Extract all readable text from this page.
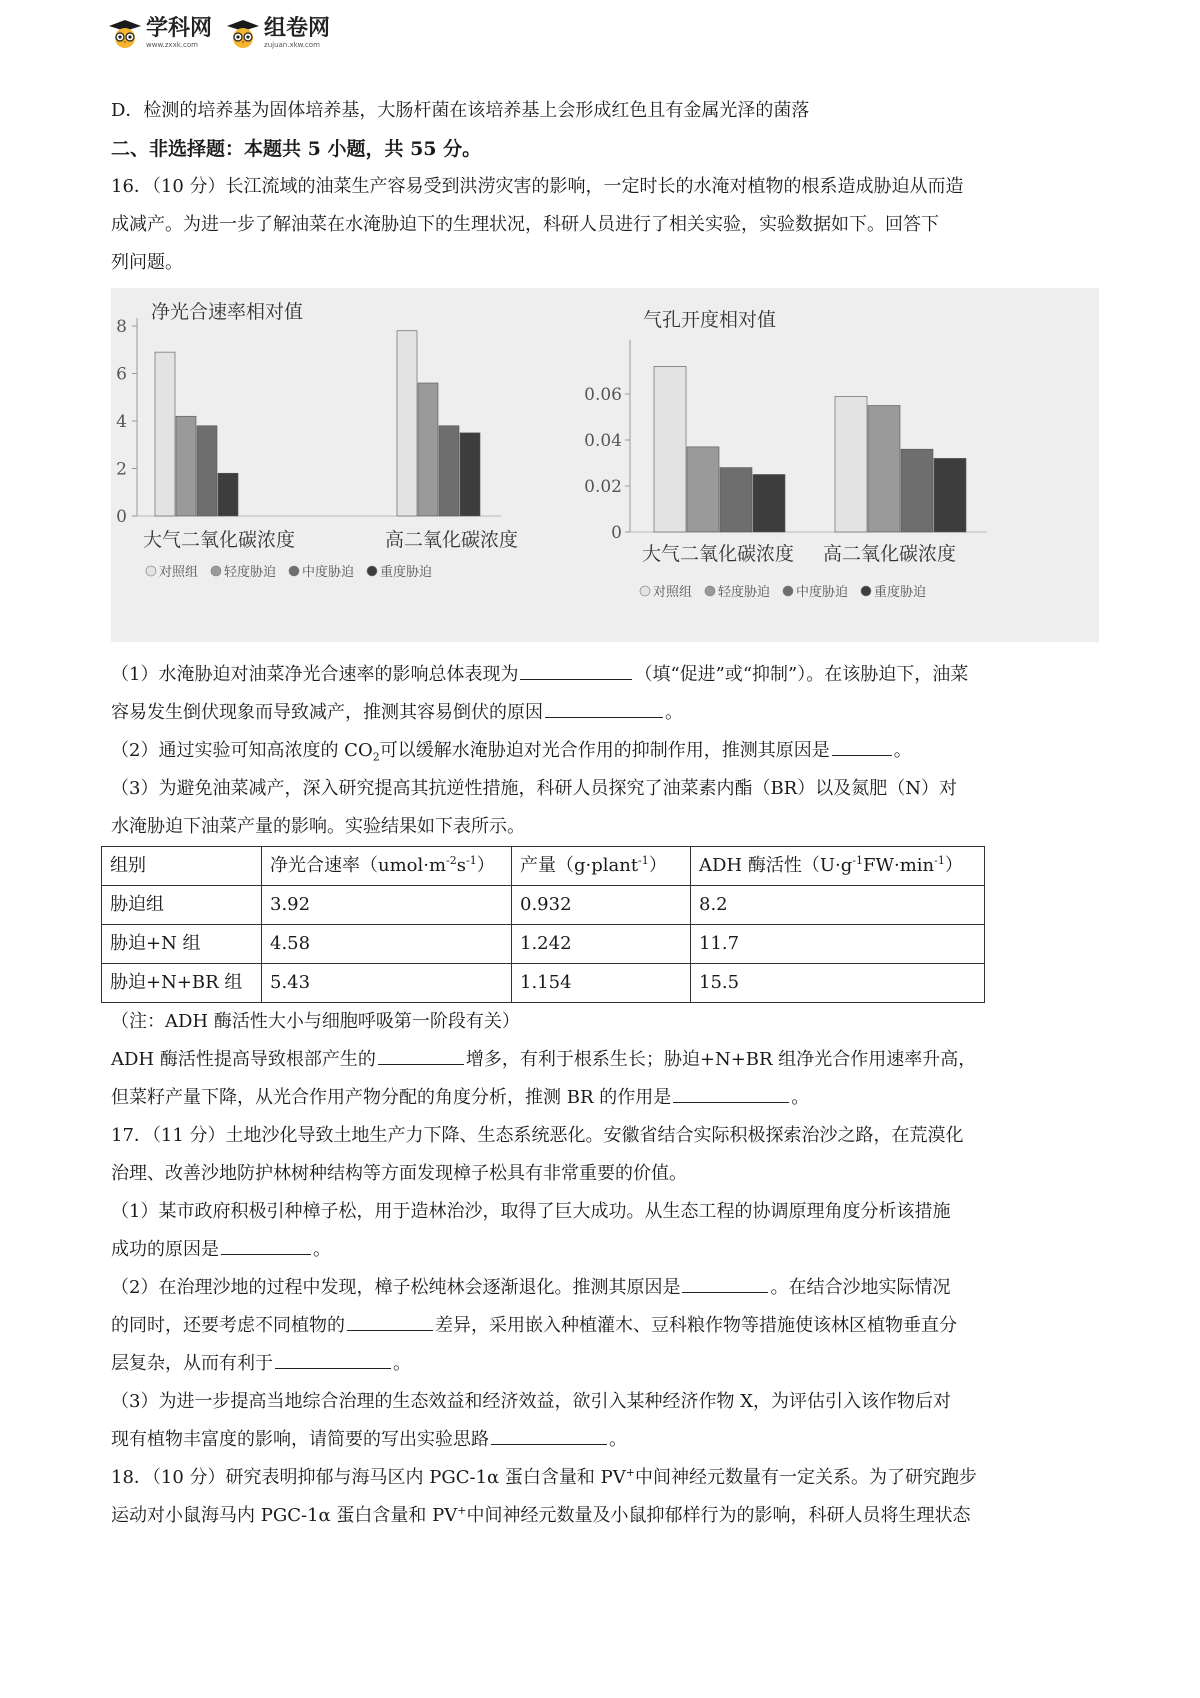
学科网
www.zxxk.com
组卷网
zujuan.xkw.com

D．检测的培养基为固体培养基，大肠杆菌在该培养基上会形成红色且有金属光泽的菌落

二、非选择题：本题共 5 小题，共 55 分。

16．（10 分）长江流域的油菜生产容易受到洪涝灾害的影响，一定时长的水淹对植物的根系造成胁迫从而造

成减产。为进一步了解油菜在水淹胁迫下的生理状况，科研人员进行了相关实验，实验数据如下。回答下

列问题。

净光合速率相对值
0
2
4
6
8
大气二氧化碳浓度	高二氧化碳浓度
对照组 轻度胁迫 中度胁迫 重度胁迫
气孔开度相对值
0
0.02
0.04
0.06
大气二氧化碳浓度 高二氧化碳浓度
对照组 轻度胁迫 中度胁迫 重度胁迫

（1）水淹胁迫对油菜净光合速率的影响总体表现为	（填“促进”或“抑制”）。在该胁迫下，油菜

容易发生倒伏现象而导致减产，推测其容易倒伏的原因	。

（2）通过实验可知高浓度的 $CO_2$可以缓解水淹胁迫对光合作用的抑制作用，推测其原因是	。

（3）为避免油菜减产，深入研究提高其抗逆性措施，科研人员探究了油菜素内酯（BR）以及氮肥（N）对

水淹胁迫下油菜产量的影响。实验结果如下表所示。

组别	净光合速率$(umol\cdot m^{-2}s^{-1})$	产量（g·plant$^{-1}$）	ADH 酶活性$(U\cdot g^{-1}FW\cdot\min^{-1})$
胁迫组	3.92	0.932	8.2
胁迫+N 组	4.58	1.242	11.7
胁迫+N+BR 组	5.43	1.154	15.5

（注：ADH 酶活性大小与细胞呼吸第一阶段有关）

ADH 酶活性提高导致根部产生的	增多，有利于根系生长；胁迫+N+BR 组净光合作用速率升高，

但菜籽产量下降，从光合作用产物分配的角度分析，推测 BR 的作用是	。

17．（11 分）土地沙化导致土地生产力下降、生态系统恶化。安徽省结合实际积极探索治沙之路，在荒漠化

治理、改善沙地防护林树种结构等方面发现樟子松具有非常重要的价值。

（1）某市政府积极引种樟子松，用于造林治沙，取得了巨大成功。从生态工程的协调原理角度分析该措施

成功的原因是	。

（2）在治理沙地的过程中发现，樟子松纯林会逐渐退化。推测其原因是	。在结合沙地实际情况

的同时，还要考虑不同植物的	差异，采用嵌入种植灌木、豆科粮作物等措施使该林区植物垂直分

层复杂，从而有利于	。

（3）为进一步提高当地综合治理的生态效益和经济效益，欲引入某种经济作物 X，为评估引入该作物后对

现有植物丰富度的影响，请简要的写出实验思路	。

18．（10 分）研究表明抑郁与海马区内 PGC-1α 蛋白含量和 PV+中间神经元数量有一定关系。为了研究跑步

运动对小鼠海马内 PGC-1α 蛋白含量和 PV+中间神经元数量及小鼠抑郁样行为的影响，科研人员将生理状态
